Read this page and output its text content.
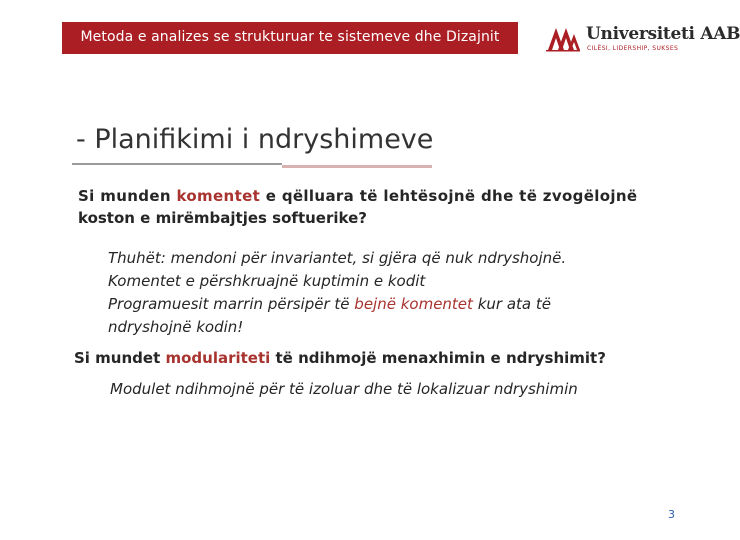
Metoda e analizes se strukturuar te sistemeve dhe Dizajnit	Universiteti AAB
CILËSI, LIDERSHIP, SUKSES
- Planifikimi i ndryshimeve
Si munden komentet e qëlluara të lehtësojnë dhe të zvogëlojnë
koston e mirëmbajtjes softuerike?
Thuhët: mendoni për invariantet, si gjëra që nuk ndryshojnë.
Komentet e përshkruajnë kuptimin e kodit
Programuesit marrin përsipër të bejnë komentet kur ata të
ndryshojnë kodin!
Si mundet modulariteti të ndihmojë menaxhimin e ndryshimit?
Modulet ndihmojnë për të izoluar dhe të lokalizuar ndryshimin
3
